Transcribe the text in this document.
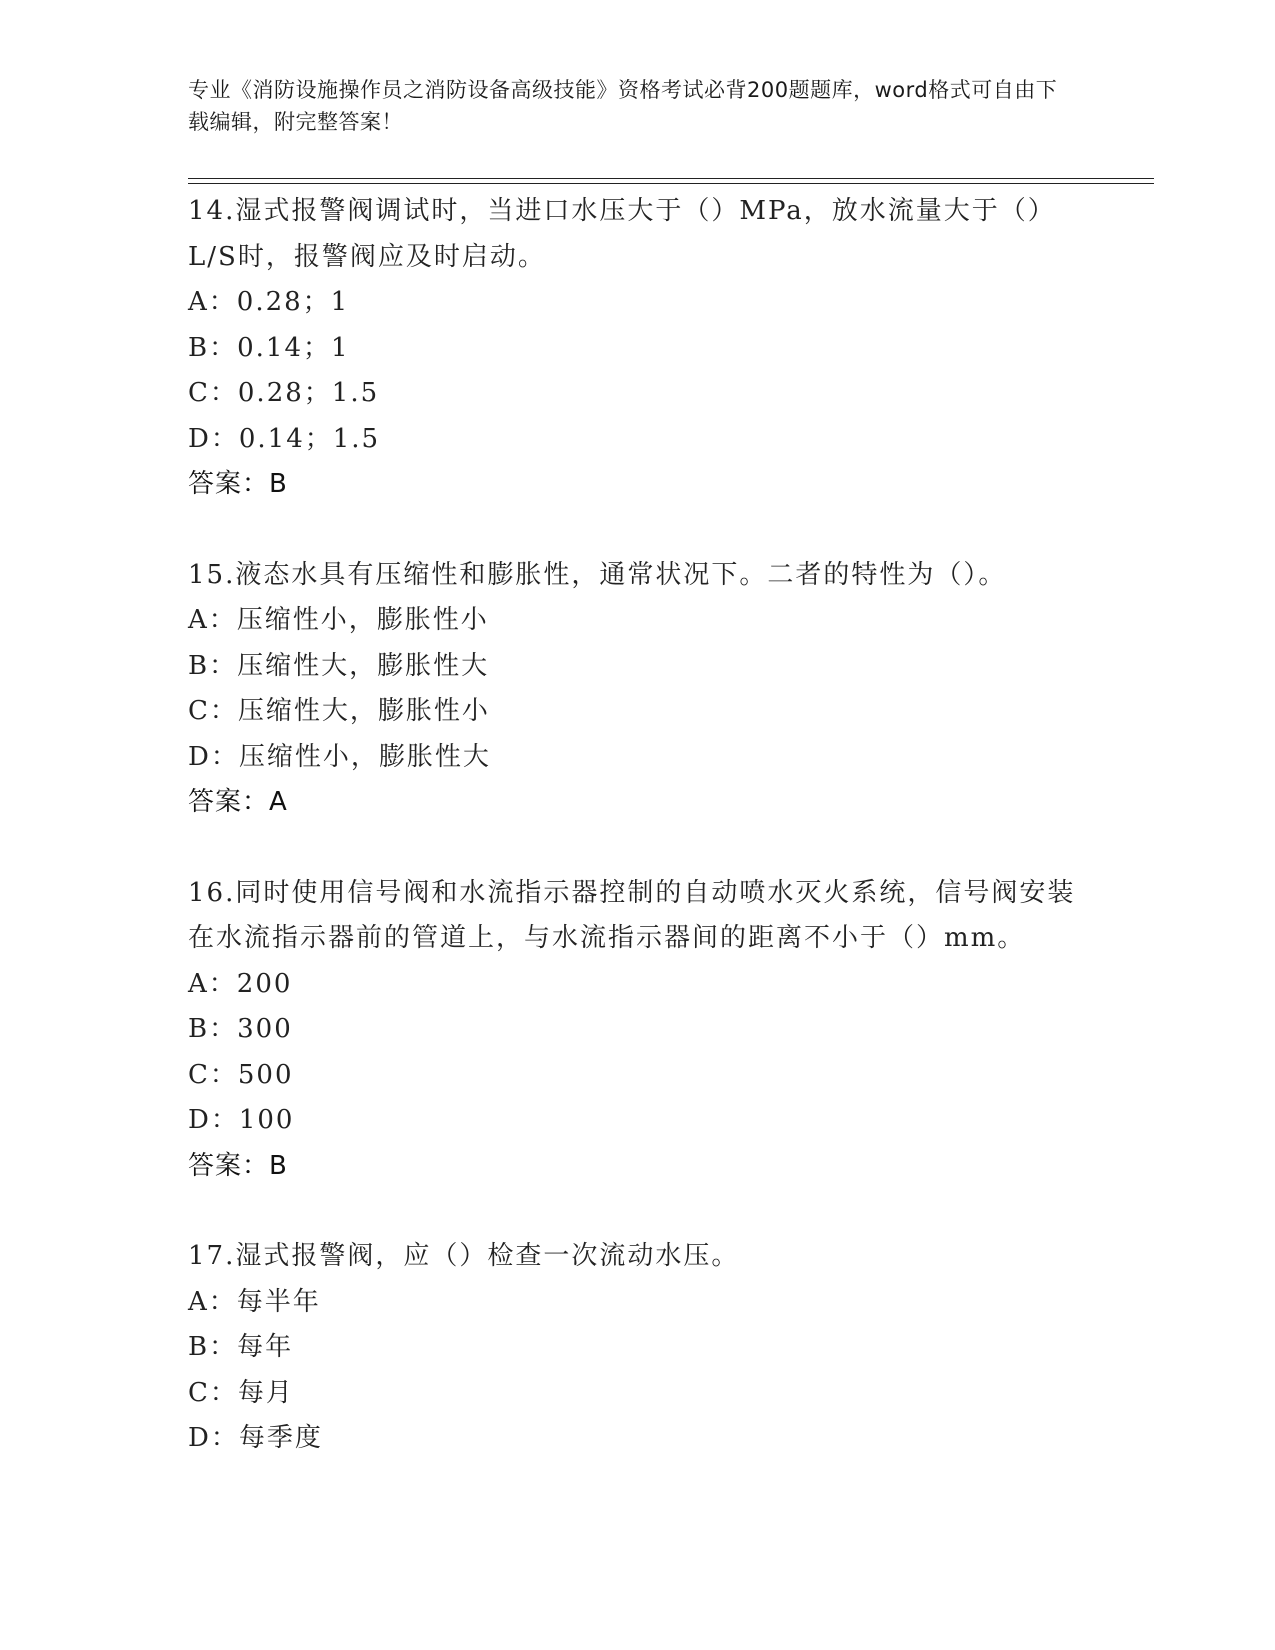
专业《消防设施操作员之消防设备高级技能》资格考试必背200题题库，word格式可自由下载编辑，附完整答案！
14.湿式报警阀调试时，当进口水压大于（）MPa，放水流量大于（）L/S时，报警阀应及时启动。
A：0.28；1
B：0.14；1
C：0.28；1.5
D：0.14；1.5
答案：B
15.液态水具有压缩性和膨胀性，通常状况下。二者的特性为（）。
A：压缩性小，膨胀性小
B：压缩性大，膨胀性大
C：压缩性大，膨胀性小
D：压缩性小，膨胀性大
答案：A
16.同时使用信号阀和水流指示器控制的自动喷水灭火系统，信号阀安装在水流指示器前的管道上，与水流指示器间的距离不小于（）mm。
A：200
B：300
C：500
D：100
答案：B
17.湿式报警阀，应（）检查一次流动水压。
A：每半年
B：每年
C：每月
D：每季度
